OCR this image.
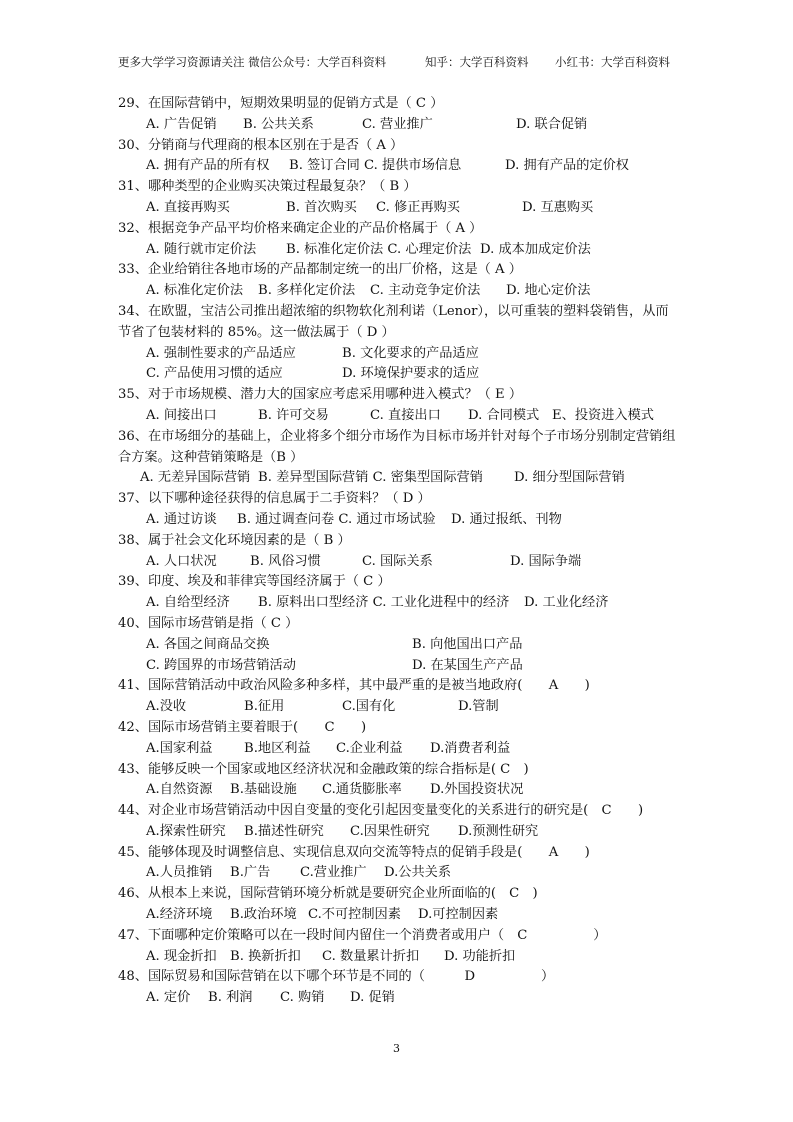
更多大学学习资源请关注 微信公众号：大学百科资料	知乎：大学百科资料 小红书：大学百科资料
29、在国际营销中，短期效果明显的促销方式是（ C ）
A. 广告促销 B. 公共关系	C. 营业推广	D. 联合促销
30、分销商与代理商的根本区别在于是否（ A ）
A. 拥有产品的所有权 B. 签订合同 C. 提供市场信息	D. 拥有产品的定价权
31、哪种类型的企业购买决策过程最复杂？（ B ）
A. 直接再购买	B. 首次购买 C. 修正再购买	D. 互惠购买
32、根据竞争产品平均价格来确定企业的产品价格属于（ A ）
A. 随行就市定价法 B. 标准化定价法 C. 心理定价法 D. 成本加成定价法
33、企业给销往各地市场的产品都制定统一的出厂价格，这是（ A ）
A. 标准化定价法 B. 多样化定价法 C. 主动竞争定价法 D. 地心定价法
34、在欧盟，宝洁公司推出超浓缩的织物软化剂利诺（Lenor），以可重装的塑料袋销售，从而节省了包装材料的 85%。这一做法属于（ D ）
A. 强制性要求的产品适应	B. 文化要求的产品适应
C. 产品使用习惯的适应	D. 环境保护要求的适应
35、对于市场规模、潜力大的国家应考虑采用哪种进入模式？（ E ）
A. 间接出口	B. 许可交易	C. 直接出口 D. 合同模式 E、投资进入模式
36、在市场细分的基础上，企业将多个细分市场作为目标市场并针对每个子市场分别制定营销组合方案。这种营销策略是（B ）
A. 无差异国际营销 B. 差异型国际营销 C. 密集型国际营销 D. 细分型国际营销
37、以下哪种途径获得的信息属于二手资料？（ D ）
A. 通过访谈 B. 通过调查问卷 C. 通过市场试验 D. 通过报纸、刊物
38、属于社会文化环境因素的是（ B ）
A. 人口状况	B. 风俗习惯	C. 国际关系	D. 国际争端
39、印度、埃及和菲律宾等国经济属于（ C ）
A. 自给型经济 B. 原料出口型经济 C. 工业化进程中的经济 D. 工业化经济
40、国际市场营销是指（ C ）
A. 各国之间商品交换	B. 向他国出口产品
C. 跨国界的市场营销活动	D. 在某国生产产品
41、国际营销活动中政治风险多种多样，其中最严重的是被当地政府(　　A　　)
A.没收	B.征用	C.国有化	D.管制
42、国际市场营销主要着眼于(　　C　　)
A.国家利益 B.地区利益 C.企业利益 D.消费者利益
43、能够反映一个国家或地区经济状况和金融政策的综合指标是( C　)
A.自然资源 B.基础设施 C.通货膨胀率 D.外国投资状况
44、对企业市场营销活动中因自变量的变化引起因变量变化的关系进行的研究是(　C　　)
A.探索性研究 B.描述性研究 C.因果性研究 D.预测性研究
45、能够体现及时调整信息、实现信息双向交流等特点的促销手段是(　　A　　)
A.人员推销 B.广告 C.营业推广 D.公共关系
46、从根本上来说，国际营销环境分析就是要研究企业所面临的(　C　)
A.经济环境 B.政治环境 C.不可控制因素 D.可控制因素
47、下面哪种定价策略可以在一段时间内留住一个消费者或用户（　C　　　　　）
A. 现金折扣 B. 换新折扣 C. 数量累计折扣 D. 功能折扣
48、国际贸易和国际营销在以下哪个环节是不同的（　　　D　　　　　）
A. 定价 B. 利润 C. 购销 D. 促销
3
